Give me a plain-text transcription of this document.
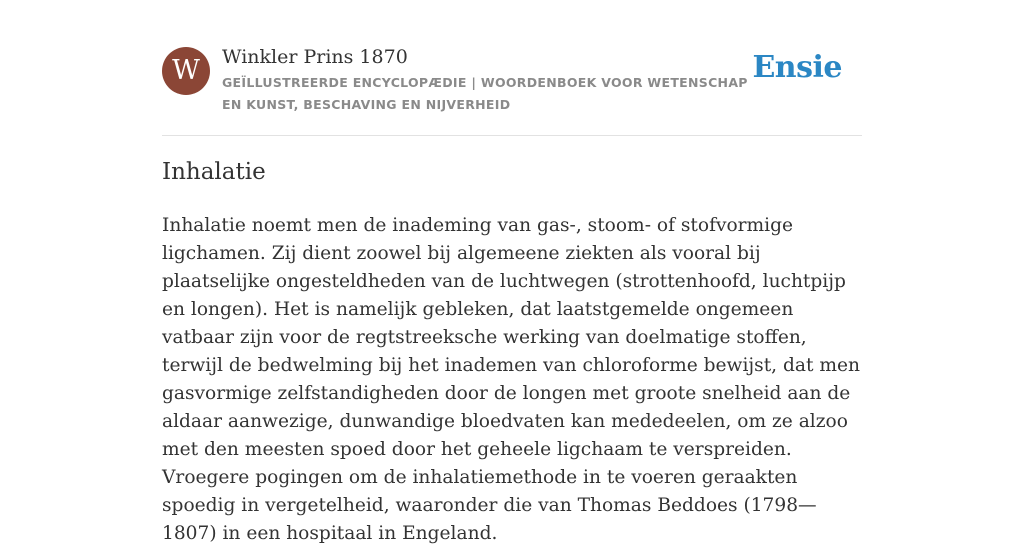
W	Winkler Prins 1870
GEÏLLUSTREERDE ENCYCLOPÆDIE | WOORDENBOEK VOOR WETENSCHAP EN KUNST, BESCHAVING EN NIJVERHEID
Ensie
Inhalatie

Inhalatie noemt men de inademing van gas-, stoom- of stofvormige ligchamen. Zij dient zoowel bij algemeene ziekten als vooral bij plaatselijke ongesteldheden van de luchtwegen (strottenhoofd, luchtpijp en longen). Het is namelijk gebleken, dat laatstgemelde ongemeen vatbaar zijn voor de regtstreeksche werking van doelmatige stoffen, terwijl de bedwelming bij het inademen van chloroforme bewijst, dat men gasvormige zelfstandigheden door de longen met groote snelheid aan de aldaar aanwezige, dunwandige bloedvaten kan mededeelen, om ze alzoo met den meesten spoed door het geheele ligchaam te verspreiden. Vroegere pogingen om de inhalatiemethode in te voeren geraakten spoedig in vergetelheid, waaronder die van Thomas Beddoes (1798—1807) in een hospitaal in Engeland.
